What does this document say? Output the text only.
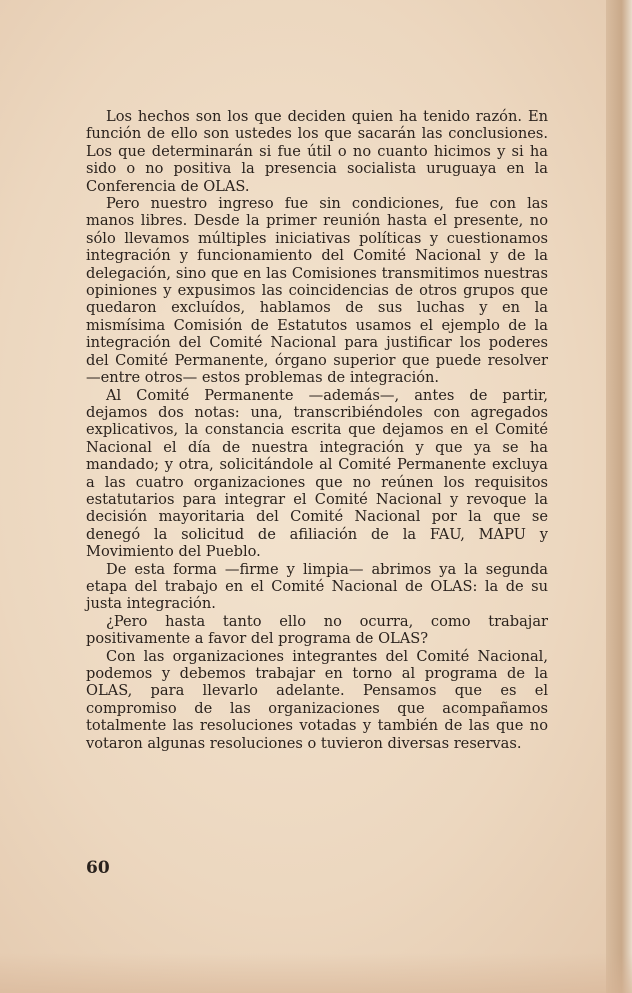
Los hechos son los que deciden quien ha tenido razón. En función de ello son ustedes los que sacarán las conclusiones. Los que determinarán si fue útil o no cuanto hicimos y si ha sido o no positiva la presencia socialista uruguaya en la Conferencia de OLAS.

Pero nuestro ingreso fue sin condiciones, fue con las manos libres. Desde la primer reunión hasta el presente, no sólo llevamos múltiples iniciativas políticas y cuestionamos integración y funcionamiento del Comité Nacional y de la delegación, sino que en las Comisiones transmitimos nuestras opiniones y expusimos las coincidencias de otros grupos que quedaron excluídos, hablamos de sus luchas y en la mismísima Comisión de Estatutos usamos el ejemplo de la integración del Comité Nacional para justificar los poderes del Comité Permanente, órgano superior que puede resolver —entre otros— estos problemas de integración.

Al Comité Permanente —además—, antes de partir, dejamos dos notas: una, transcribiéndoles con agregados explicativos, la constancia escrita que dejamos en el Comité Nacional el día de nuestra integración y que ya se ha mandado; y otra, solicitándole al Comité Permanente excluya a las cuatro organizaciones que no reúnen los requisitos estatutarios para integrar el Comité Nacional y revoque la decisión mayoritaria del Comité Nacional por la que se denegó la solicitud de afiliación de la FAU, MAPU y Movimiento del Pueblo.

De esta forma —firme y limpia— abrimos ya la segunda etapa del trabajo en el Comité Nacional de OLAS: la de su justa integración.

¿Pero hasta tanto ello no ocurra, como trabajar positivamente a favor del programa de OLAS?

Con las organizaciones integrantes del Comité Nacional, podemos y debemos trabajar en torno al programa de la OLAS, para llevarlo adelante. Pensamos que es el compromiso de las organizaciones que acompañamos totalmente las resoluciones votadas y también de las que no votaron algunas resoluciones o tuvieron diversas reservas.

60
